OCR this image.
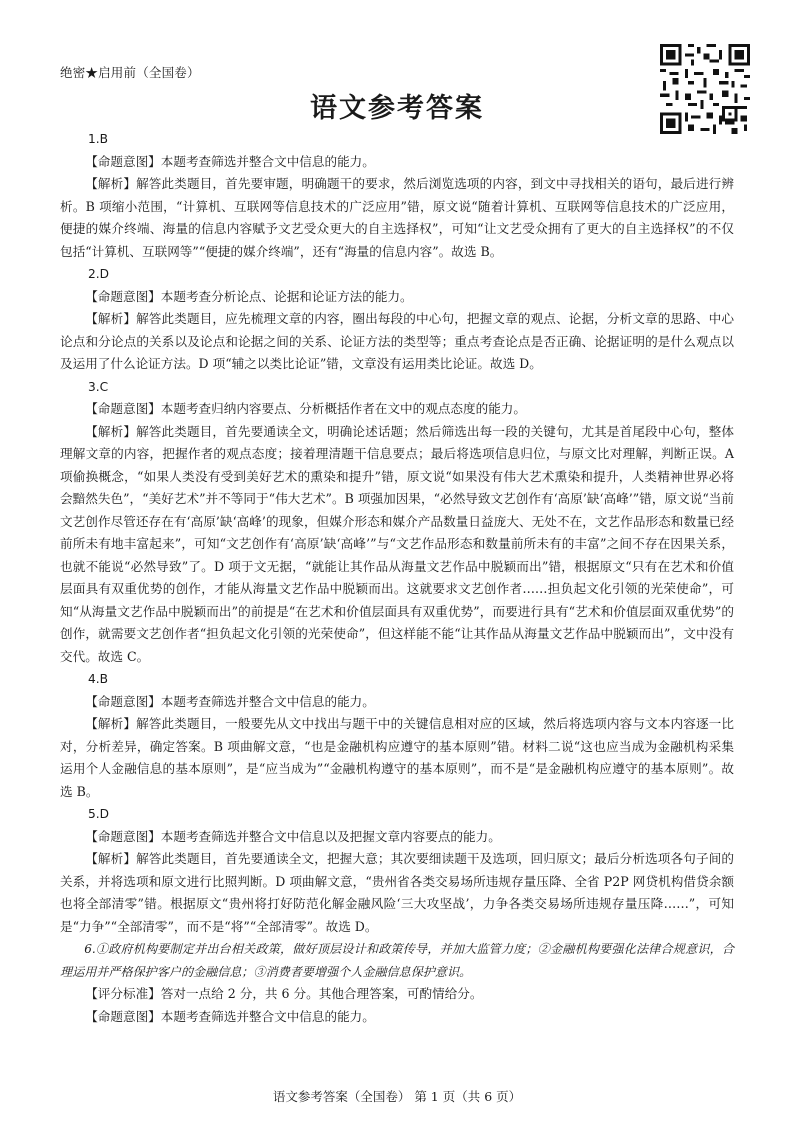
绝密★启用前（全国卷）
语文参考答案

1.B

【命题意图】本题考查筛选并整合文中信息的能力。

【解析】解答此类题目，首先要审题，明确题干的要求，然后浏览选项的内容，到文中寻找相关的语句，最后进行辨析。B 项缩小范围，“计算机、互联网等信息技术的广泛应用”错，原文说“随着计算机、互联网等信息技术的广泛应用，便捷的媒介终端、海量的信息内容赋予文艺受众更大的自主选择权”，可知“让文艺受众拥有了更大的自主选择权”的不仅包括“计算机、互联网等”“便捷的媒介终端”，还有“海量的信息内容”。故选 B。

2.D

【命题意图】本题考查分析论点、论据和论证方法的能力。

【解析】解答此类题目，应先梳理文章的内容，圈出每段的中心句，把握文章的观点、论据，分析文章的思路、中心论点和分论点的关系以及论点和论据之间的关系、论证方法的类型等；重点考查论点是否正确、论据证明的是什么观点以及运用了什么论证方法。D 项“辅之以类比论证”错，文章没有运用类比论证。故选 D。

3.C

【命题意图】本题考查归纳内容要点、分析概括作者在文中的观点态度的能力。

【解析】解答此类题目，首先要通读全文，明确论述话题；然后筛选出每一段的关键句，尤其是首尾段中心句，整体理解文章的内容，把握作者的观点态度；接着理清题干信息要点；最后将选项信息归位，与原文比对理解，判断正误。A 项偷换概念，“如果人类没有受到美好艺术的熏染和提升”错，原文说“如果没有伟大艺术熏染和提升，人类精神世界必将会黯然失色”，“美好艺术”并不等同于“伟大艺术”。B 项强加因果，“必然导致文艺创作有‘高原’缺‘高峰’”错，原文说“当前文艺创作尽管还存在有‘高原’缺‘高峰’的现象，但媒介形态和媒介产品数量日益庞大、无处不在，文艺作品形态和数量已经前所未有地丰富起来”，可知“文艺创作有‘高原’缺‘高峰’”与“文艺作品形态和数量前所未有的丰富”之间不存在因果关系，也就不能说“必然导致”了。D 项于文无据，“就能让其作品从海量文艺作品中脱颖而出”错，根据原文“只有在艺术和价值层面具有双重优势的创作，才能从海量文艺作品中脱颖而出。这就要求文艺创作者……担负起文化引领的光荣使命”，可知“从海量文艺作品中脱颖而出”的前提是“在艺术和价值层面具有双重优势”，而要进行具有“艺术和价值层面双重优势”的创作，就需要文艺创作者“担负起文化引领的光荣使命”，但这样能不能“让其作品从海量文艺作品中脱颖而出”，文中没有交代。故选 C。

4.B

【命题意图】本题考查筛选并整合文中信息的能力。

【解析】解答此类题目，一般要先从文中找出与题干中的关键信息相对应的区域，然后将选项内容与文本内容逐一比对，分析差异，确定答案。B 项曲解文意，“也是金融机构应遵守的基本原则”错。材料二说“这也应当成为金融机构采集运用个人金融信息的基本原则”，是“应当成为”“金融机构遵守的基本原则”，而不是“是金融机构应遵守的基本原则”。故选 B。

5.D

【命题意图】本题考查筛选并整合文中信息以及把握文章内容要点的能力。

【解析】解答此类题目，首先要通读全文，把握大意；其次要细读题干及选项，回归原文；最后分析选项各句子间的关系，并将选项和原文进行比照判断。D 项曲解文意，“贵州省各类交易场所违规存量压降、全省 P2P 网贷机构借贷余额也将全部清零”错。根据原文“贵州将打好防范化解金融风险‘三大攻坚战’，力争各类交易场所违规存量压降……”，可知是“力争”“全部清零”，而不是“将”“全部清零”。故选 D。

6.①政府机构要制定并出台相关政策，做好顶层设计和政策传导，并加大监管力度；②金融机构要强化法律合规意识，合理运用并严格保护客户的金融信息；③消费者要增强个人金融信息保护意识。

【评分标准】答对一点给 2 分，共 6 分。其他合理答案，可酌情给分。

【命题意图】本题考查筛选并整合文中信息的能力。

语文参考答案（全国卷） 第 1 页（共 6 页）
